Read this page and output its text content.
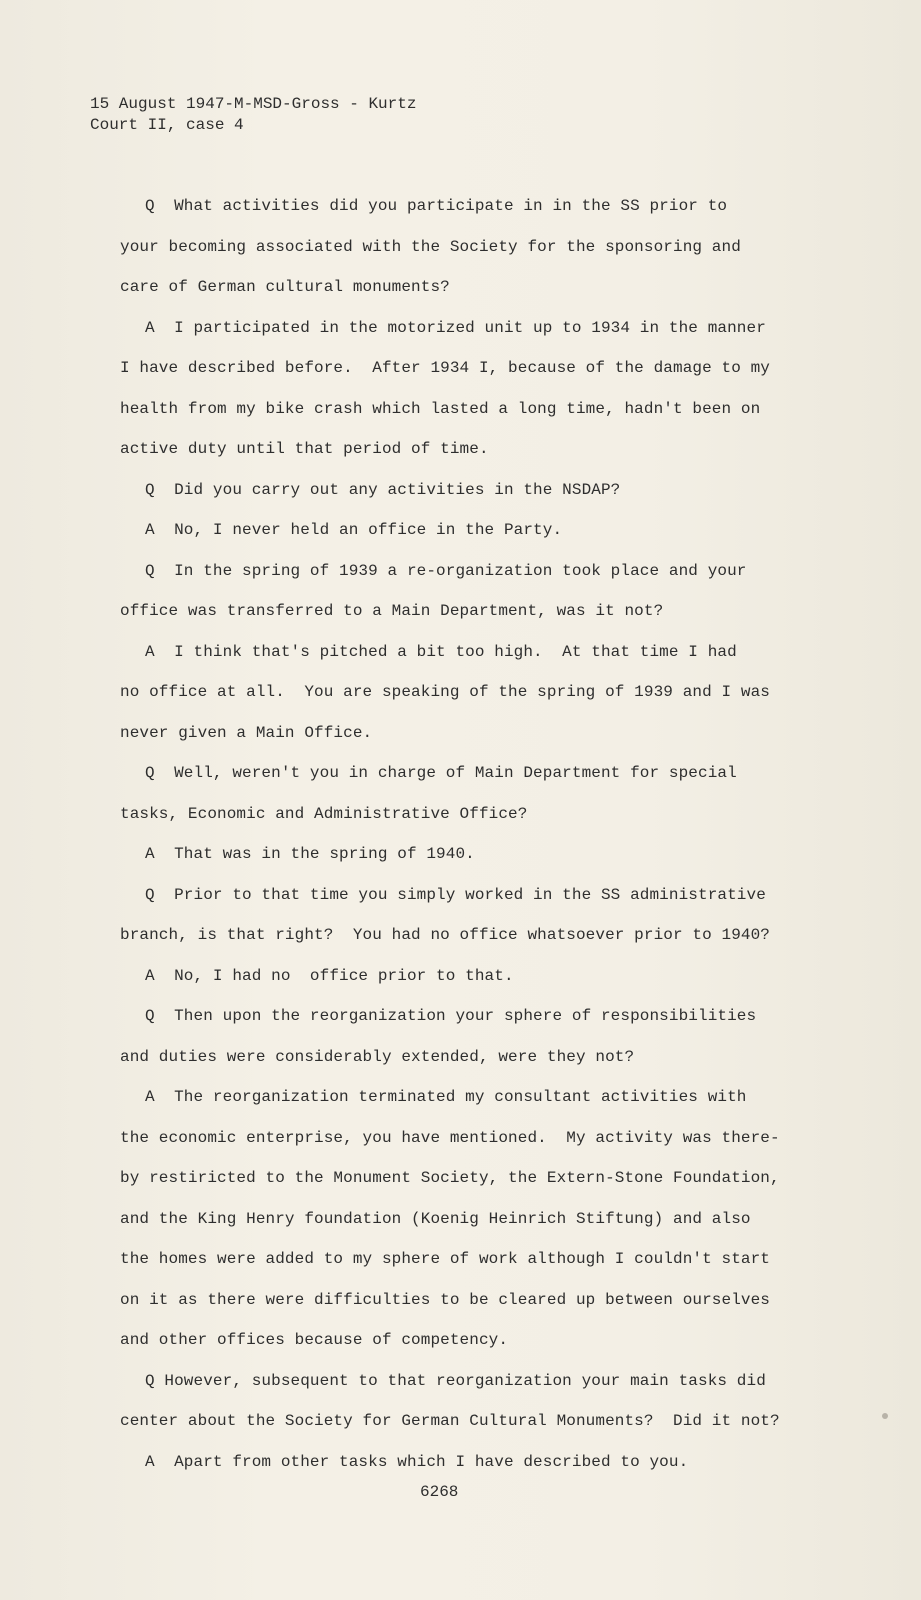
15 August 1947-M-MSD-Gross - Kurtz
Court II, case 4
Q  What activities did you participate in in the SS prior to
your becoming associated with the Society for the sponsoring and
care of German cultural monuments?
A  I participated in the motorized unit up to 1934 in the manner
I have described before.  After 1934 I, because of the damage to my
health from my bike crash which lasted a long time, hadn't been on
active duty until that period of time.
Q  Did you carry out any activities in the NSDAP?
A  No, I never held an office in the Party.
Q  In the spring of 1939 a re-organization took place and your
office was transferred to a Main Department, was it not?
A  I think that's pitched a bit too high.  At that time I had
no office at all.  You are speaking of the spring of 1939 and I was
never given a Main Office.
Q  Well, weren't you in charge of Main Department for special
tasks, Economic and Administrative Office?
A  That was in the spring of 1940.
Q  Prior to that time you simply worked in the SS administrative
branch, is that right?  You had no office whatsoever prior to 1940?
A  No, I had no  office prior to that.
Q  Then upon the reorganization your sphere of responsibilities
and duties were considerably extended, were they not?
A  The reorganization terminated my consultant activities with
the economic enterprise, you have mentioned.  My activity was there-
by restiricted to the Monument Society, the Extern-Stone Foundation,
and the King Henry foundation (Koenig Heinrich Stiftung) and also
the homes were added to my sphere of work although I couldn't start
on it as there were difficulties to be cleared up between ourselves
and other offices because of competency.
Q However, subsequent to that reorganization your main tasks did
center about the Society for German Cultural Monuments?  Did it not?
A  Apart from other tasks which I have described to you.
6268
